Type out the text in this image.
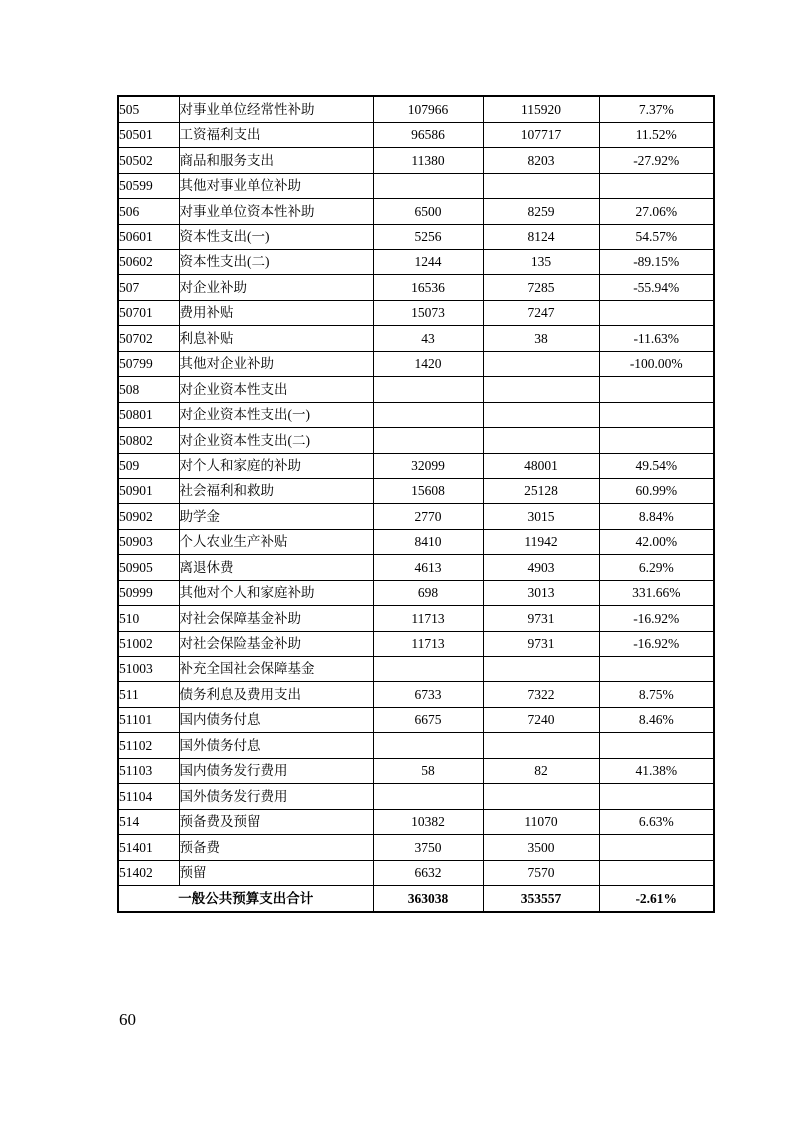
505	对事业单位经常性补助	107966	115920	7.37%
50501	工资福利支出	96586	107717	11.52%
50502	商品和服务支出	11380	8203	-27.92%
50599	其他对事业单位补助			
506	对事业单位资本性补助	6500	8259	27.06%
50601	资本性支出(一)	5256	8124	54.57%
50602	资本性支出(二)	1244	135	-89.15%
507	对企业补助	16536	7285	-55.94%
50701	费用补贴	15073	7247	
50702	利息补贴	43	38	-11.63%
50799	其他对企业补助	1420		-100.00%
508	对企业资本性支出			
50801	对企业资本性支出(一)			
50802	对企业资本性支出(二)			
509	对个人和家庭的补助	32099	48001	49.54%
50901	社会福利和救助	15608	25128	60.99%
50902	助学金	2770	3015	8.84%
50903	个人农业生产补贴	8410	11942	42.00%
50905	离退休费	4613	4903	6.29%
50999	其他对个人和家庭补助	698	3013	331.66%
510	对社会保障基金补助	11713	9731	-16.92%
51002	对社会保险基金补助	11713	9731	-16.92%
51003	补充全国社会保障基金			
511	债务利息及费用支出	6733	7322	8.75%
51101	国内债务付息	6675	7240	8.46%
51102	国外债务付息			
51103	国内债务发行费用	58	82	41.38%
51104	国外债务发行费用			
514	预备费及预留	10382	11070	6.63%
51401	预备费	3750	3500	
51402	预留	6632	7570	
一般公共预算支出合计		363038	353557	-2.61%
60
